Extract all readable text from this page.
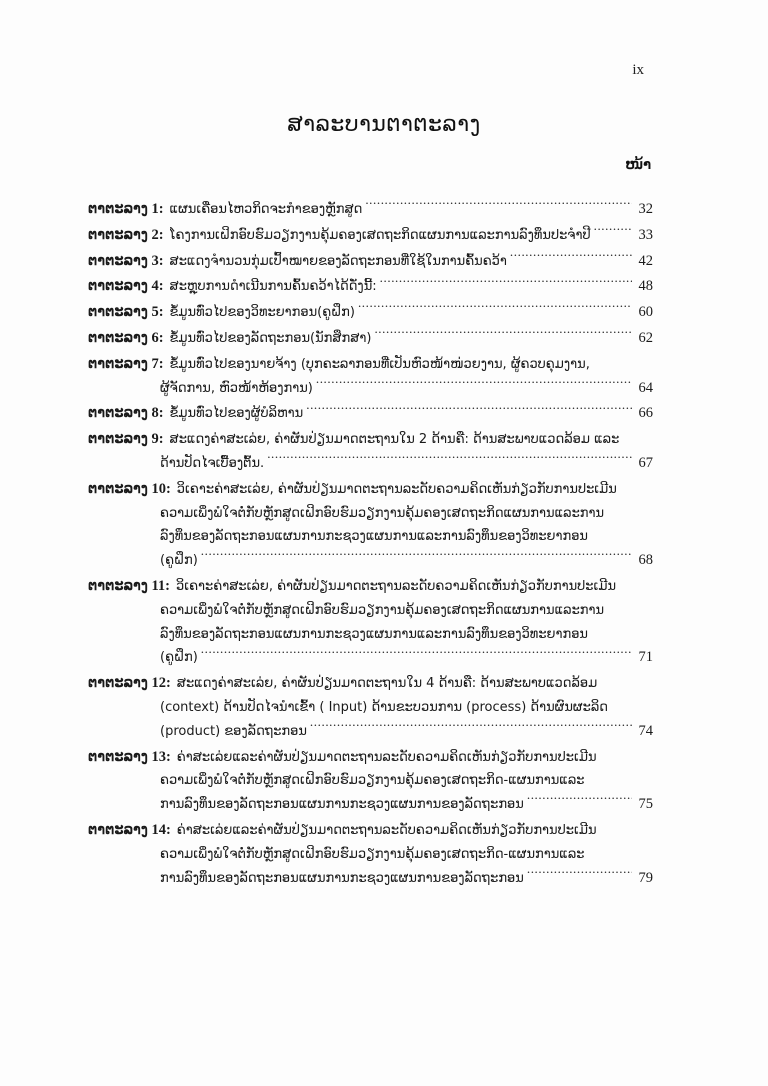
ix
ສາລະບານຕາຕະລາງ
ໜ້າ
ຕາຕະລາງ 1: ແຜນເຄື່ອນໄຫວກິດຈະກຳຂອງຫຼັກສູດ .....	32
ຕາຕະລາງ 2: ໂຄງການເຝິກອົບຮົມວຽກງານຄຸ້ມຄອງເສດຖະກິດແຜນການແລະການລົງທຶນປະຈຳປີ .....	33
ຕາຕະລາງ 3: ສະແດງຈຳນວນກຸ່ມເປົ້າໝາຍຂອງລັດຖະກອນທີ່ໃຊ້ໃນການຄົ້ນຄວ້າ .....	42
ຕາຕະລາງ 4: ສະຫຼຸບການດຳເນີນການຄົ້ນຄວ້າໄດ້ດັ່ງນີ້: .....	48
ຕາຕະລາງ 5: ຂໍ້ມູນທົ່ວໄປຂອງວິທະຍາກອນ(ຄູຝຶກ) .....	60
ຕາຕະລາງ 6: ຂໍ້ມູນທົ່ວໄປຂອງລັດຖະກອນ(ນັກສຶກສາ) .....	62
ຕາຕະລາງ 7: ຂໍ້ມູນທົ່ວໄປຂອງນາຍຈ້າງ (ບຸກຄະລາກອນທີ່ເປັນຫົວໜ້າໜ່ວຍງານ, ຜູ້ຄວບຄຸມງານ,
ຜູ້ຈັດການ, ຫົວໜ້າຫ້ອງການ) .....	64
ຕາຕະລາງ 8: ຂໍ້ມູນທົ່ວໄປຂອງຜູ້ບໍລິຫານ .....	66
ຕາຕະລາງ 9: ສະແດງຄ່າສະເລ່ຍ, ຄ່າຜັນປ່ຽນມາດຕະຖານໃນ 2 ດ້ານຄື: ດ້ານສະພາບແວດລ້ອມ ແລະ
ດ້ານປັດໄຈເບື້ອງຕົ້ນ. .....	67
ຕາຕະລາງ 10: ວິເຄາະຄ່າສະເລ່ຍ, ຄ່າຜັນປ່ຽນມາດຕະຖານລະດັບຄວາມຄິດເຫັນກ່ຽວກັບການປະເມີນ
ຄວາມເພິ່ງພໍໃຈຕໍ່ກັບຫຼັກສູດເຝິກອົບຮົມວຽກງານຄຸ້ມຄອງເສດຖະກິດແຜນການແລະການ
ລົງທຶນຂອງລັດຖະກອນແຜນການກະຊວງແຜນການແລະການລົງທຶນຂອງວິທະຍາກອນ
(ຄູຝຶກ) .....	68
ຕາຕະລາງ 11: ວິເຄາະຄ່າສະເລ່ຍ, ຄ່າຜັນປ່ຽນມາດຕະຖານລະດັບຄວາມຄິດເຫັນກ່ຽວກັບການປະເມີນ
ຄວາມເພິ່ງພໍໃຈຕໍ່ກັບຫຼັກສູດເຝິກອົບຮົມວຽກງານຄຸ້ມຄອງເສດຖະກິດແຜນການແລະການ
ລົງທຶນຂອງລັດຖະກອນແຜນການກະຊວງແຜນການແລະການລົງທຶນຂອງວິທະຍາກອນ
(ຄູຝຶກ) .....	71
ຕາຕະລາງ 12: ສະແດງຄ່າສະເລ່ຍ, ຄ່າຜັນປ່ຽນມາດຕະຖານໃນ 4 ດ້ານຄື: ດ້ານສະພາບແວດລ້ອມ
(context) ດ້ານປັດໄຈນຳເຂົ້າ ( Input) ດ້ານຂະບວນການ (process) ດ້ານຜົນຜະລິດ
(product) ຂອງລັດຖະກອນ .....	74
ຕາຕະລາງ 13: ຄ່າສະເລ່ຍແລະຄ່າຜັນປ່ຽນມາດຕະຖານລະດັບຄວາມຄິດເຫັນກ່ຽວກັບການປະເມີນ
ຄວາມເພິ່ງພໍໃຈຕໍ່ກັບຫຼັກສູດເຝິກອົບຮົມວຽກງານຄຸ້ມຄອງເສດຖະກິດ-ແຜນການແລະ
ການລົງທຶນຂອງລັດຖະກອນແຜນການກະຊວງແຜນການຂອງລັດຖະກອນ .....	75
ຕາຕະລາງ 14: ຄ່າສະເລ່ຍແລະຄ່າຜັນປ່ຽນມາດຕະຖານລະດັບຄວາມຄິດເຫັນກ່ຽວກັບການປະເມີນ
ຄວາມເພິ່ງພໍໃຈຕໍ່ກັບຫຼັກສູດເຝິກອົບຮົມວຽກງານຄຸ້ມຄອງເສດຖະກິດ-ແຜນການແລະ
ການລົງທຶນຂອງລັດຖະກອນແຜນການກະຊວງແຜນການຂອງລັດຖະກອນ .....	79
